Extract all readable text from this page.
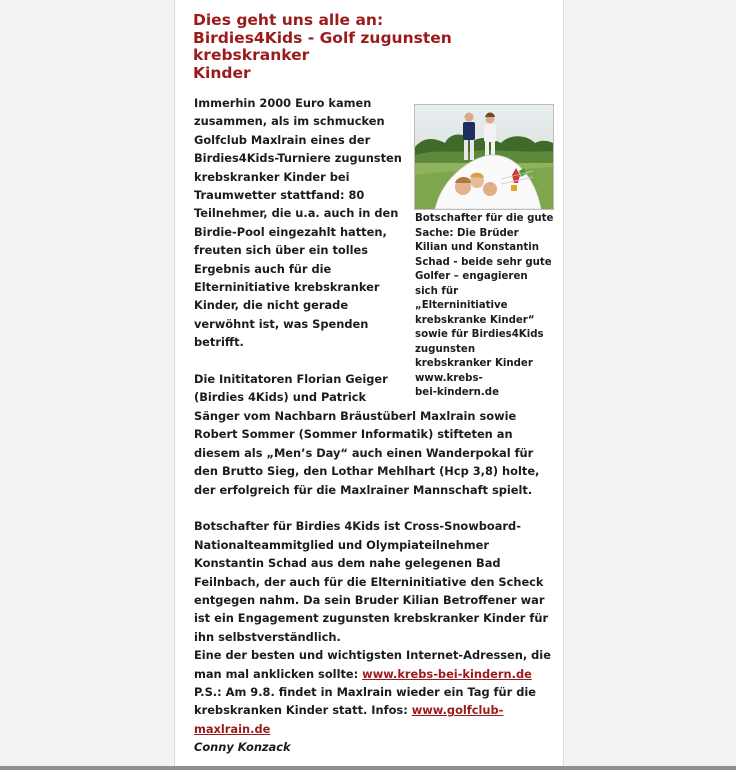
Dies geht uns alle an:
Birdies4Kids - Golf zugunsten krebskranker
Kinder
Botschafter für die gute
Sache: Die Brüder
Kilian und Konstantin
Schad - beide sehr gute
Golfer – engagieren
sich für
„Elterninitiative
krebskranke Kinder“
sowie für Birdies4Kids
zugunsten
krebskranker Kinder
www.krebs-
bei-kindern.de

Immerhin 2000 Euro kamen zusammen, als im schmucken Golfclub Maxlrain eines der Birdies4Kids-Turniere zugunsten krebskranker Kinder bei Traumwetter stattfand: 80 Teilnehmer, die u.a. auch in den Birdie-Pool eingezahlt hatten, freuten sich über ein tolles Ergebnis auch für die Elterninitiative krebskranker Kinder, die nicht gerade verwöhnt ist, was Spenden betrifft.

Die Inititatoren Florian Geiger (Birdies 4Kids) und Patrick Sänger vom Nachbarn Bräustüberl Maxlrain sowie Robert Sommer (Sommer Informatik) stifteten an diesem als „Men’s Day“ auch einen Wanderpokal für den Brutto Sieg, den Lothar Mehlhart (Hcp 3,8) holte, der erfolgreich für die Maxlrainer Mannschaft spielt.

Botschafter für Birdies 4Kids ist Cross-Snowboard-Nationalteammitglied und Olympiateilnehmer Konstantin Schad aus dem nahe gelegenen Bad Feilnbach, der auch für die Elterninitiative den Scheck entgegen nahm. Da sein Bruder Kilian Betroffener war ist ein Engagement zugunsten krebskranker Kinder für ihn selbstverständlich.

Eine der besten und wichtigsten Internet-Adressen, die man mal anklicken sollte: www.krebs-bei-kindern.de P.S.: Am 9.8. findet in Maxlrain wieder ein Tag für die krebskranken Kinder statt. Infos: www.golfclub-maxlrain.de

Conny Konzack
